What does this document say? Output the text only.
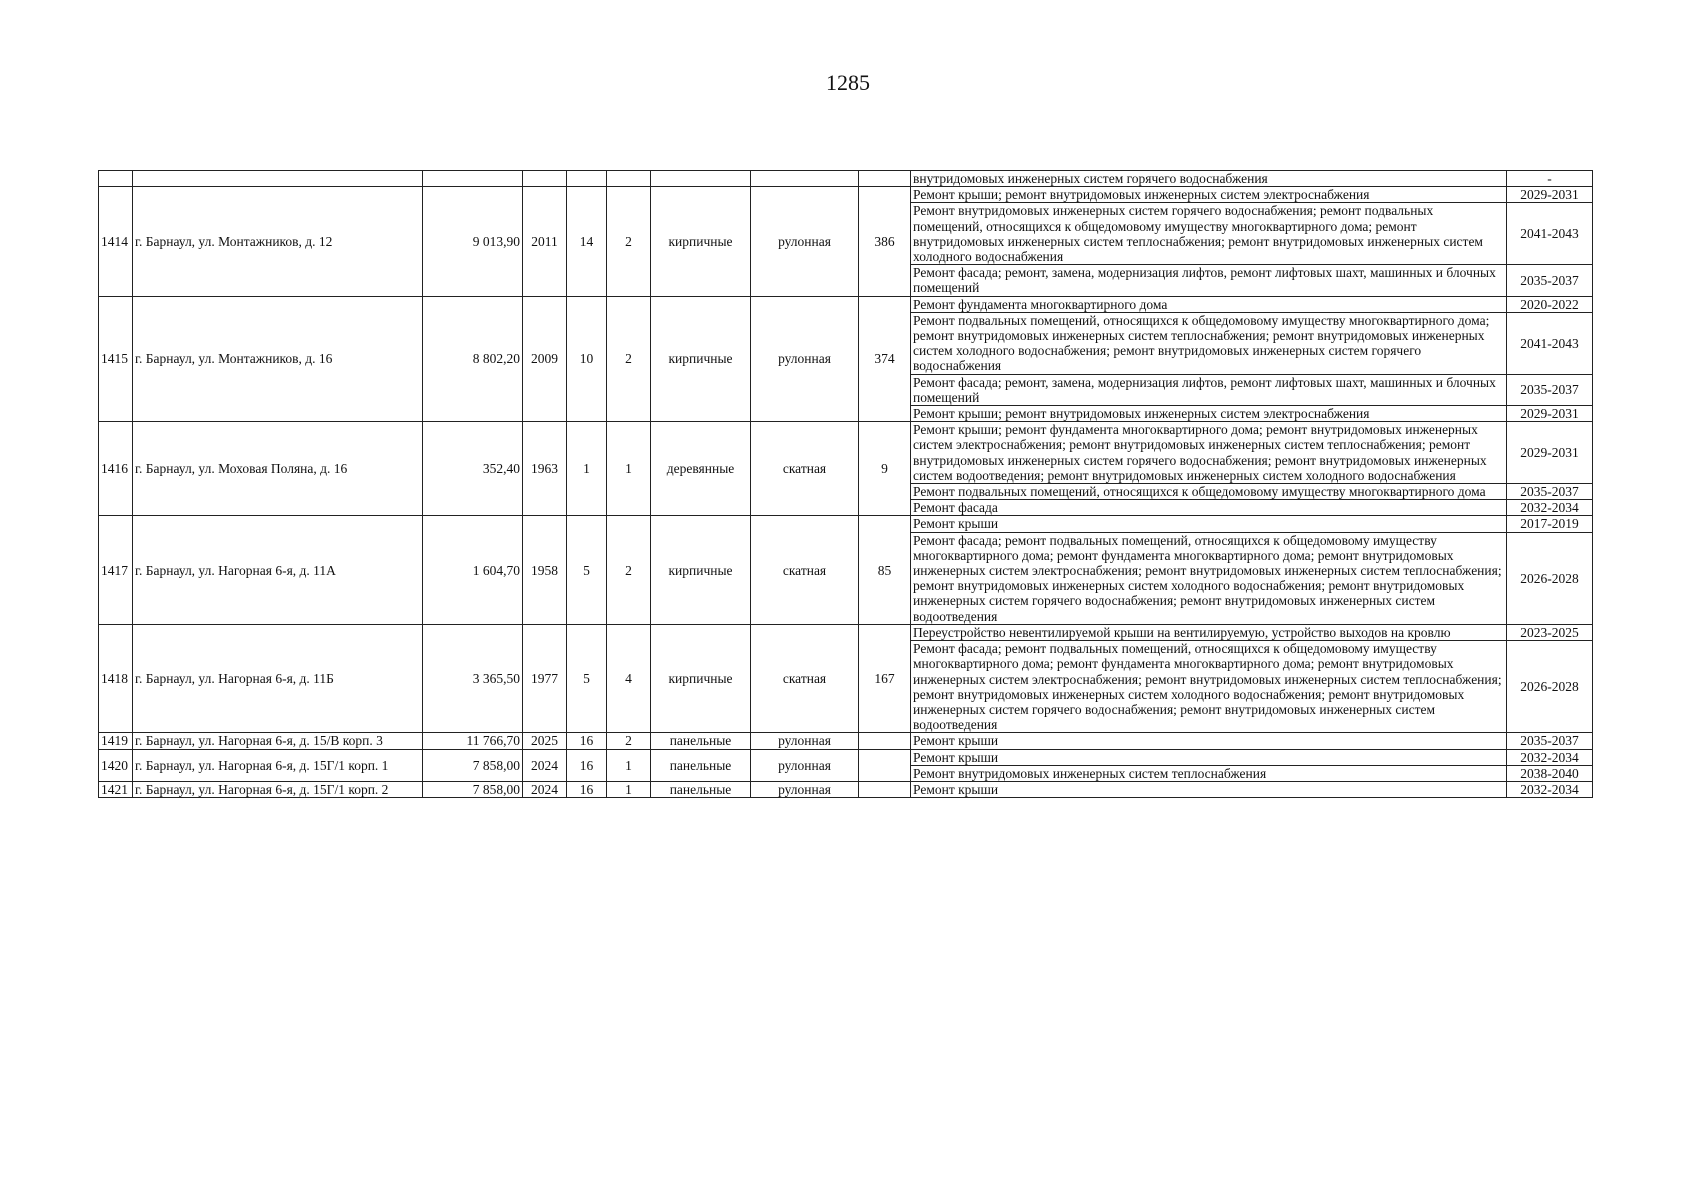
1285
									внутридомовых инженерных систем горячего водоснабжения	-
1414	г. Барнаул, ул. Монтажников, д. 12	9 013,90	2011	14	2	кирпичные	рулонная	386	Ремонт крыши; ремонт внутридомовых инженерных систем электроснабжения	2029-2031
									Ремонт внутридомовых инженерных систем горячего водоснабжения; ремонт подвальных помещений, относящихся к общедомовому имуществу многоквартирного дома; ремонт внутридомовых инженерных систем теплоснабжения; ремонт внутридомовых инженерных систем холодного водоснабжения	2041-2043
									Ремонт фасада; ремонт, замена, модернизация лифтов, ремонт лифтовых шахт, машинных и блочных помещений	2035-2037
1415	г. Барнаул, ул. Монтажников, д. 16	8 802,20	2009	10	2	кирпичные	рулонная	374	Ремонт фундамента многоквартирного дома	2020-2022
									Ремонт подвальных помещений, относящихся к общедомовому имуществу многоквартирного дома; ремонт внутридомовых инженерных систем теплоснабжения; ремонт внутридомовых инженерных систем холодного водоснабжения; ремонт внутридомовых инженерных систем горячего водоснабжения	2041-2043
									Ремонт фасада; ремонт, замена, модернизация лифтов, ремонт лифтовых шахт, машинных и блочных помещений	2035-2037
									Ремонт крыши; ремонт внутридомовых инженерных систем электроснабжения	2029-2031
1416	г. Барнаул, ул. Моховая Поляна, д. 16	352,40	1963	1	1	деревянные	скатная	9	Ремонт крыши; ремонт фундамента многоквартирного дома; ремонт внутридомовых инженерных систем электроснабжения; ремонт внутридомовых инженерных систем теплоснабжения; ремонт внутридомовых инженерных систем горячего водоснабжения; ремонт внутридомовых инженерных систем водоотведения; ремонт внутридомовых инженерных систем холодного водоснабжения	2029-2031
									Ремонт подвальных помещений, относящихся к общедомовому имуществу многоквартирного дома	2035-2037
									Ремонт фасада	2032-2034
1417	г. Барнаул, ул. Нагорная 6-я, д. 11А	1 604,70	1958	5	2	кирпичные	скатная	85	Ремонт крыши	2017-2019
									Ремонт фасада; ремонт подвальных помещений, относящихся к общедомовому имуществу многоквартирного дома; ремонт фундамента многоквартирного дома; ремонт внутридомовых инженерных систем электроснабжения; ремонт внутридомовых инженерных систем теплоснабжения; ремонт внутридомовых инженерных систем холодного водоснабжения; ремонт внутридомовых инженерных систем горячего водоснабжения; ремонт внутридомовых инженерных систем водоотведения	2026-2028
1418	г. Барнаул, ул. Нагорная 6-я, д. 11Б	3 365,50	1977	5	4	кирпичные	скатная	167	Переустройство невентилируемой крыши на вентилируемую, устройство выходов на кровлю	2023-2025
									Ремонт фасада; ремонт подвальных помещений, относящихся к общедомовому имуществу многоквартирного дома; ремонт фундамента многоквартирного дома; ремонт внутридомовых инженерных систем электроснабжения; ремонт внутридомовых инженерных систем теплоснабжения; ремонт внутридомовых инженерных систем холодного водоснабжения; ремонт внутридомовых инженерных систем горячего водоснабжения; ремонт внутридомовых инженерных систем водоотведения	2026-2028
1419	г. Барнаул, ул. Нагорная 6-я, д. 15/В корп. 3	11 766,70	2025	16	2	панельные	рулонная		Ремонт крыши	2035-2037
1420	г. Барнаул, ул. Нагорная 6-я, д. 15Г/1 корп. 1	7 858,00	2024	16	1	панельные	рулонная		Ремонт крыши	2032-2034
									Ремонт внутридомовых инженерных систем теплоснабжения	2038-2040
1421	г. Барнаул, ул. Нагорная 6-я, д. 15Г/1 корп. 2	7 858,00	2024	16	1	панельные	рулонная		Ремонт крыши	2032-2034
